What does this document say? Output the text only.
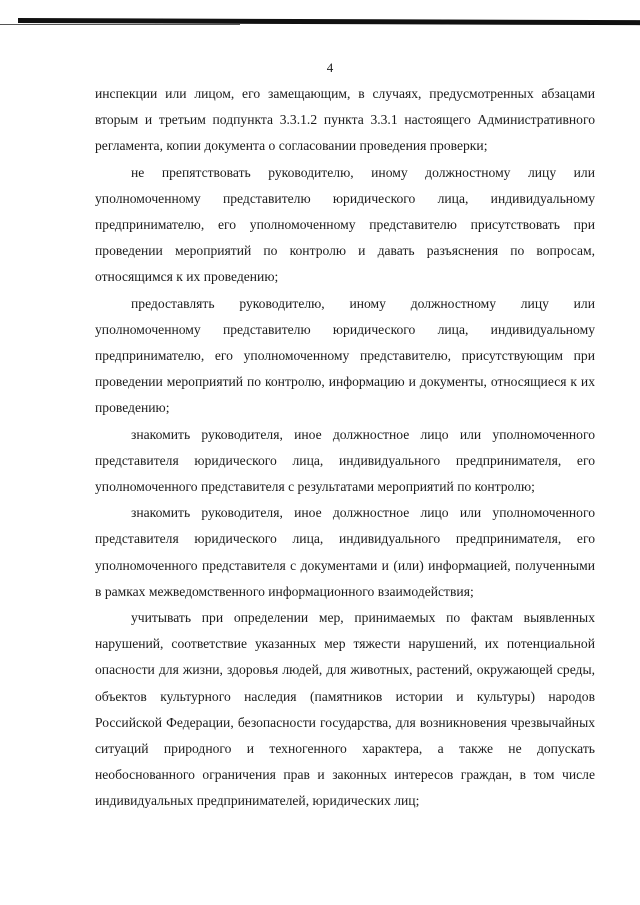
4

инспекции или лицом, его замещающим, в случаях, предусмотренных абзацами вторым и третьим подпункта 3.3.1.2 пункта 3.3.1 настоящего Административного регламента, копии документа о согласовании проведения проверки;

не препятствовать руководителю, иному должностному лицу или уполномоченному представителю юридического лица, индивидуальному предпринимателю, его уполномоченному представителю присутствовать при проведении мероприятий по контролю и давать разъяснения по вопросам, относящимся к их проведению;

предоставлять руководителю, иному должностному лицу или уполномоченному представителю юридического лица, индивидуальному предпринимателю, его уполномоченному представителю, присутствующим при проведении мероприятий по контролю, информацию и документы, относящиеся к их проведению;

знакомить руководителя, иное должностное лицо или уполномоченного представителя юридического лица, индивидуального предпринимателя, его уполномоченного представителя с результатами мероприятий по контролю;

знакомить руководителя, иное должностное лицо или уполномоченного представителя юридического лица, индивидуального предпринимателя, его уполномоченного представителя с документами и (или) информацией, полученными в рамках межведомственного информационного взаимодействия;

учитывать при определении мер, принимаемых по фактам выявленных нарушений, соответствие указанных мер тяжести нарушений, их потенциальной опасности для жизни, здоровья людей, для животных, растений, окружающей среды, объектов культурного наследия (памятников истории и культуры) народов Российской Федерации, безопасности государства, для возникновения чрезвычайных ситуаций природного и техногенного характера, а также не допускать необоснованного ограничения прав и законных интересов граждан, в том числе индивидуальных предпринимателей, юридических лиц;
